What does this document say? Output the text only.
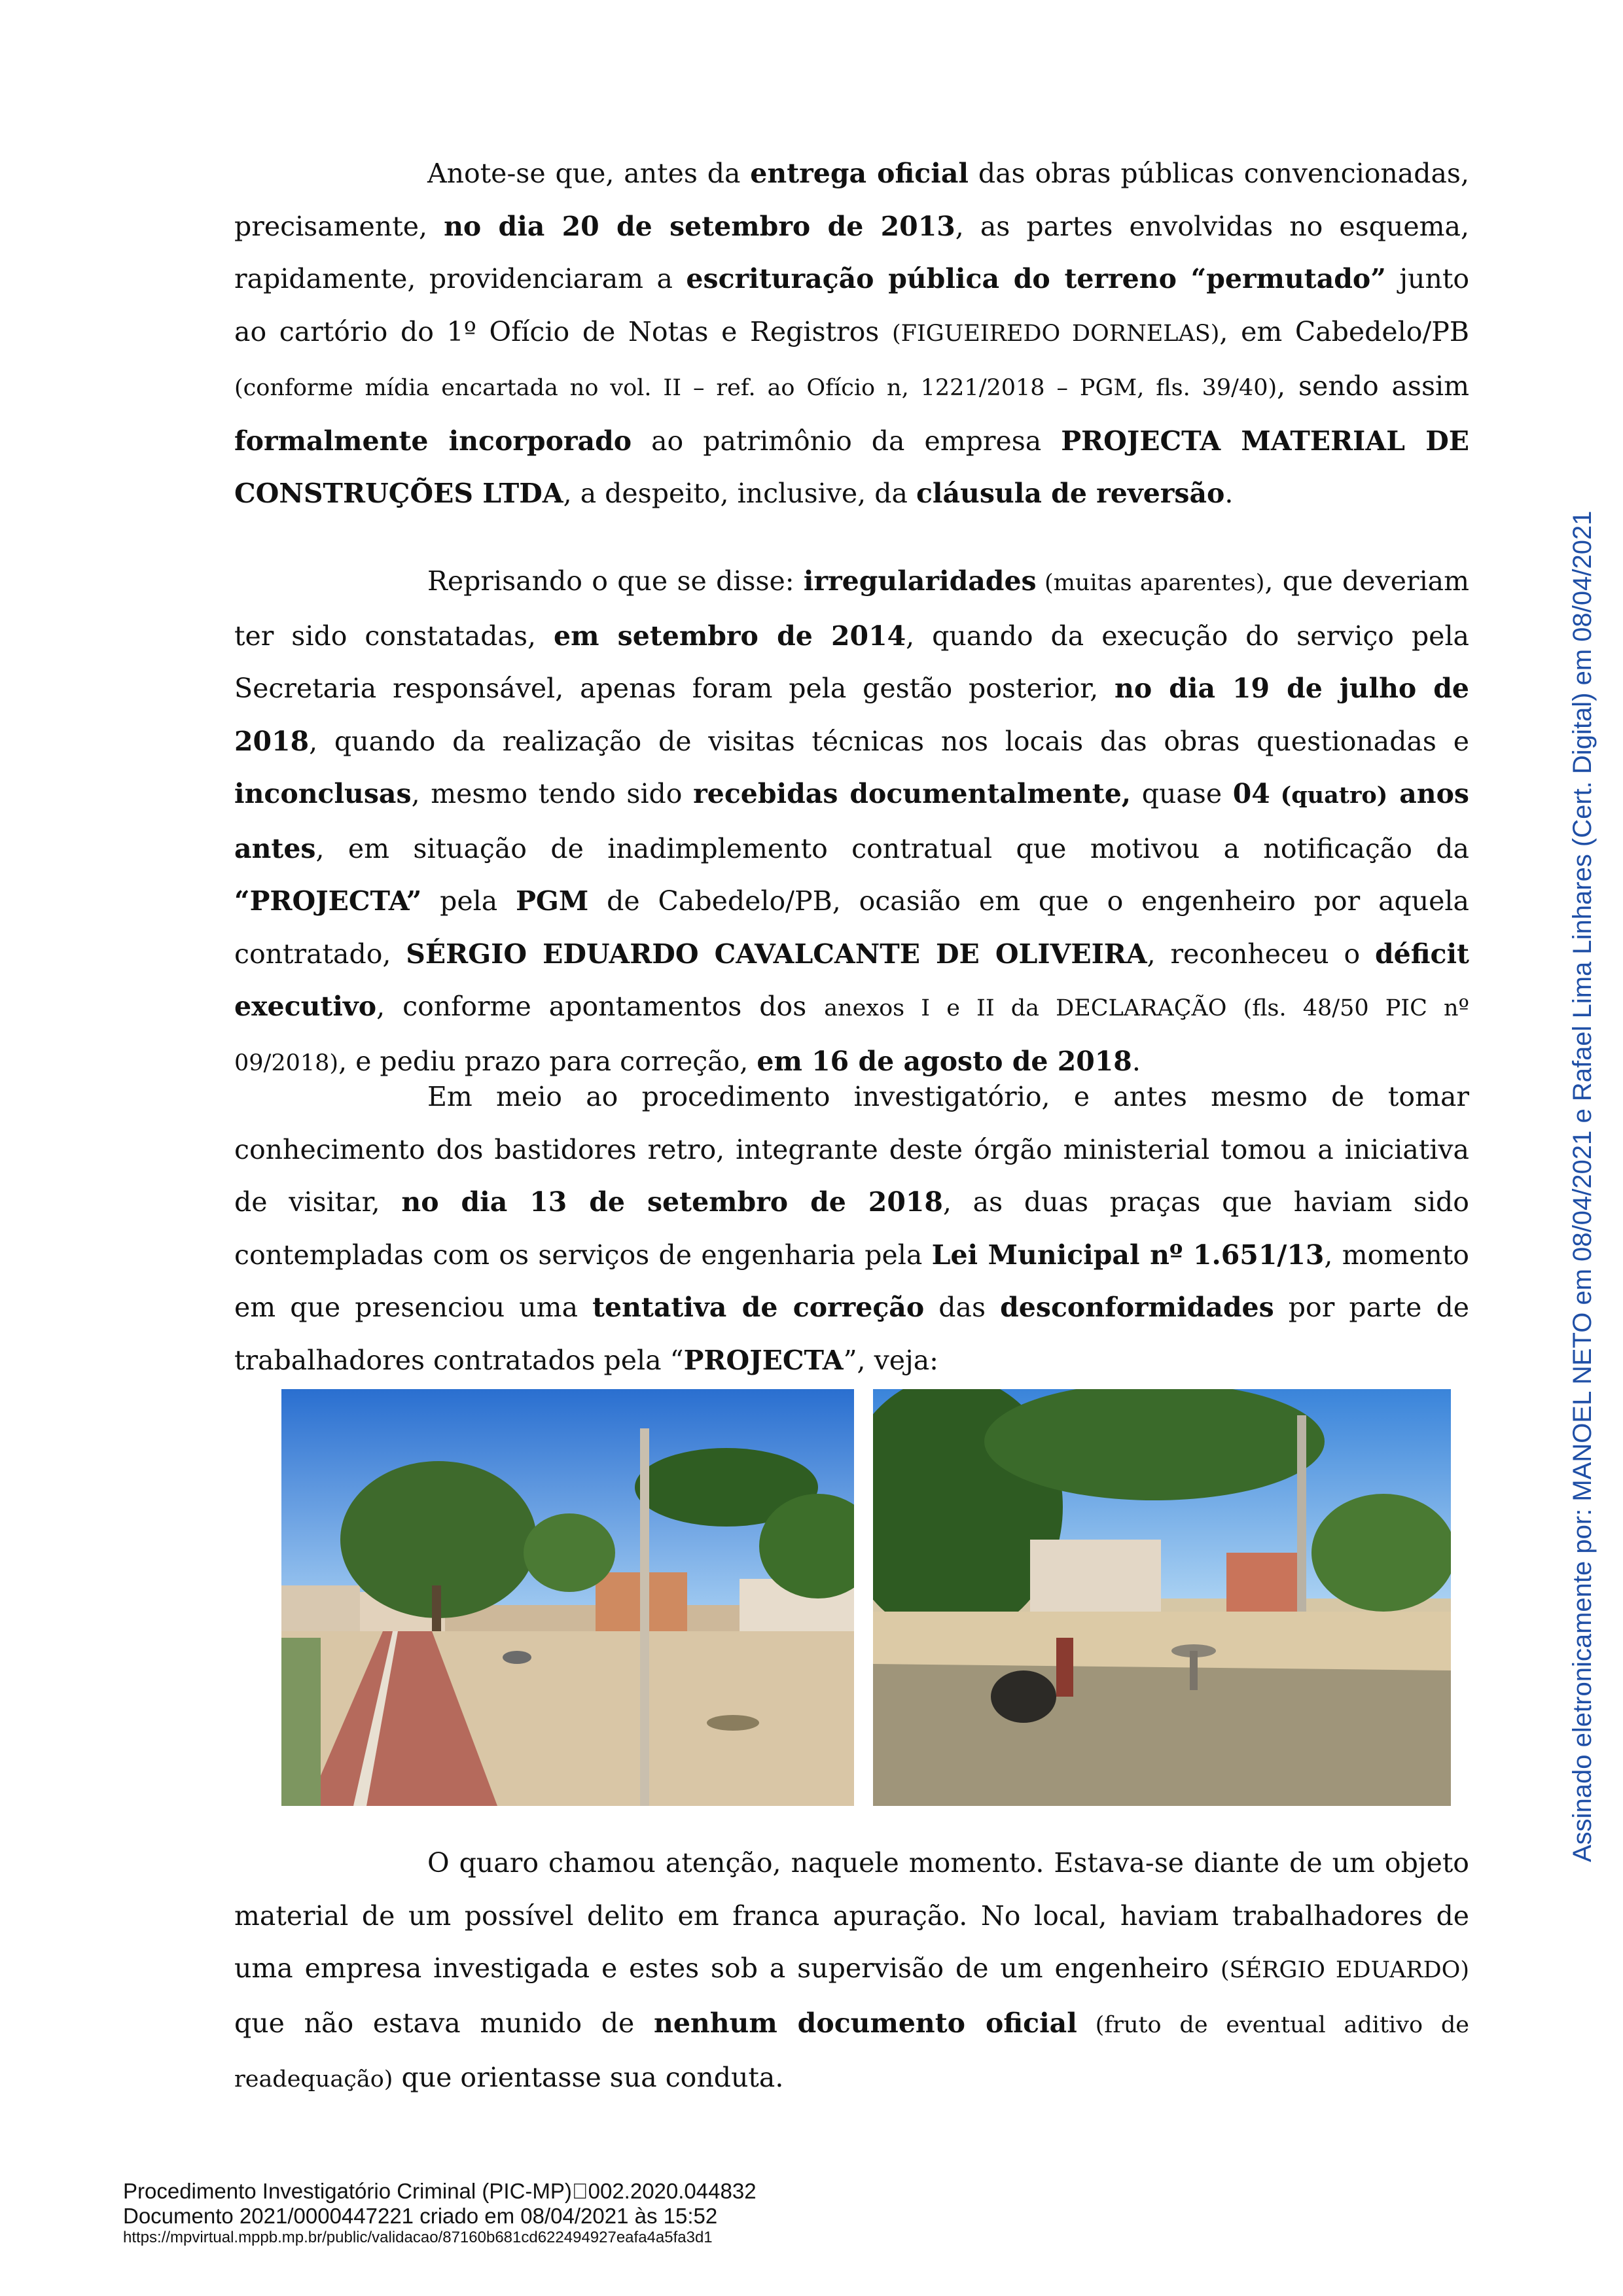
Anote-se que, antes da entrega oficial das obras públicas convencionadas, precisamente, no dia 20 de setembro de 2013, as partes envolvidas no esquema, rapidamente, providenciaram a escrituração pública do terreno “permutado” junto ao cartório do 1º Ofício de Notas e Registros (FIGUEIREDO DORNELAS), em Cabedelo/PB (conforme mídia encartada no vol. II – ref. ao Ofício n, 1221/2018 – PGM, fls. 39/40), sendo assim formalmente incorporado ao patrimônio da empresa PROJECTA MATERIAL DE CONSTRUÇÕES LTDA, a despeito, inclusive, da cláusula de reversão.

Reprisando o que se disse: irregularidades (muitas aparentes), que deveriam ter sido constatadas, em setembro de 2014, quando da execução do serviço pela Secretaria responsável, apenas foram pela gestão posterior, no dia 19 de julho de 2018, quando da realização de visitas técnicas nos locais das obras questionadas e inconclusas, mesmo tendo sido recebidas documentalmente, quase 04 (quatro) anos antes, em situação de inadimplemento contratual que motivou a notificação da “PROJECTA” pela PGM de Cabedelo/PB, ocasião em que o engenheiro por aquela contratado, SÉRGIO EDUARDO CAVALCANTE DE OLIVEIRA, reconheceu o déficit executivo, conforme apontamentos dos anexos I e II da DECLARAÇÃO (fls. 48/50 PIC nº 09/2018), e pediu prazo para correção, em 16 de agosto de 2018.

Em meio ao procedimento investigatório, e antes mesmo de tomar conhecimento dos bastidores retro, integrante deste órgão ministerial tomou a iniciativa de visitar, no dia 13 de setembro de 2018, as duas praças que haviam sido contempladas com os serviços de engenharia pela Lei Municipal nº 1.651/13, momento em que presenciou uma tentativa de correção das desconformidades por parte de trabalhadores contratados pela “PROJECTA”, veja:

O quaro chamou atenção, naquele momento. Estava-se diante de um objeto material de um possível delito em franca apuração. No local, haviam trabalhadores de uma empresa investigada e estes sob a supervisão de um engenheiro (SÉRGIO EDUARDO) que não estava munido de nenhum documento oficial (fruto de eventual aditivo de readequação) que orientasse sua conduta.

Assinado eletronicamente por: MANOEL NETO em 08/04/2021 e Rafael Lima Linhares (Cert. Digital) em 08/04/2021
Procedimento Investigatório Criminal (PIC-MP) 002.2020.044832
Documento 2021/0000447221 criado em 08/04/2021 às 15:52
https://mpvirtual.mppb.mp.br/public/validacao/87160b681cd622494927eafa4a5fa3d1
